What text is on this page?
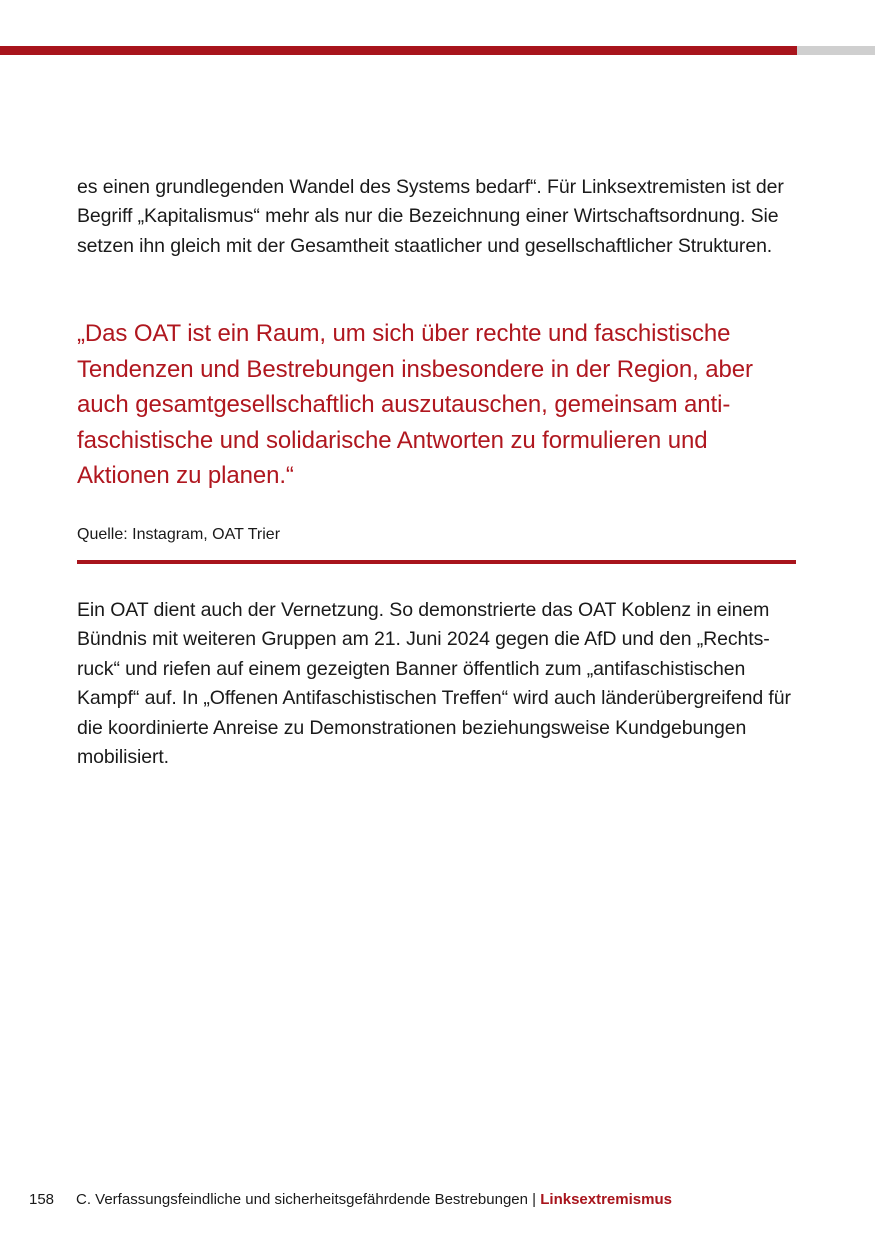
es einen grundlegenden Wandel des Systems bedarf“. Für Linksextremisten ist der Begriff „Kapitalismus“ mehr als nur die Bezeichnung einer Wirtschaftsordnung. Sie setzen ihn gleich mit der Gesamtheit staatlicher und gesellschaftlicher Strukturen.

„Das OAT ist ein Raum, um sich über rechte und faschistische Tendenzen und Bestrebungen insbesondere in der Region, aber auch gesamtgesellschaftlich auszutauschen, gemeinsam anti-faschistische und solidarische Antworten zu formulieren und Aktionen zu planen.“

Quelle: Instagram, OAT Trier

Ein OAT dient auch der Vernetzung. So demonstrierte das OAT Koblenz in einem Bündnis mit weiteren Gruppen am 21. Juni 2024 gegen die AfD und den „Rechts-ruck“ und riefen auf einem gezeigten Banner öffentlich zum „antifaschistischen Kampf“ auf. In „Offenen Antifaschistischen Treffen“ wird auch länderübergreifend für die koordinierte Anreise zu Demonstrationen beziehungsweise Kundgebungen mobilisiert.

158 C. Verfassungsfeindliche und sicherheitsgefährdende Bestrebungen | Linksextremismus
